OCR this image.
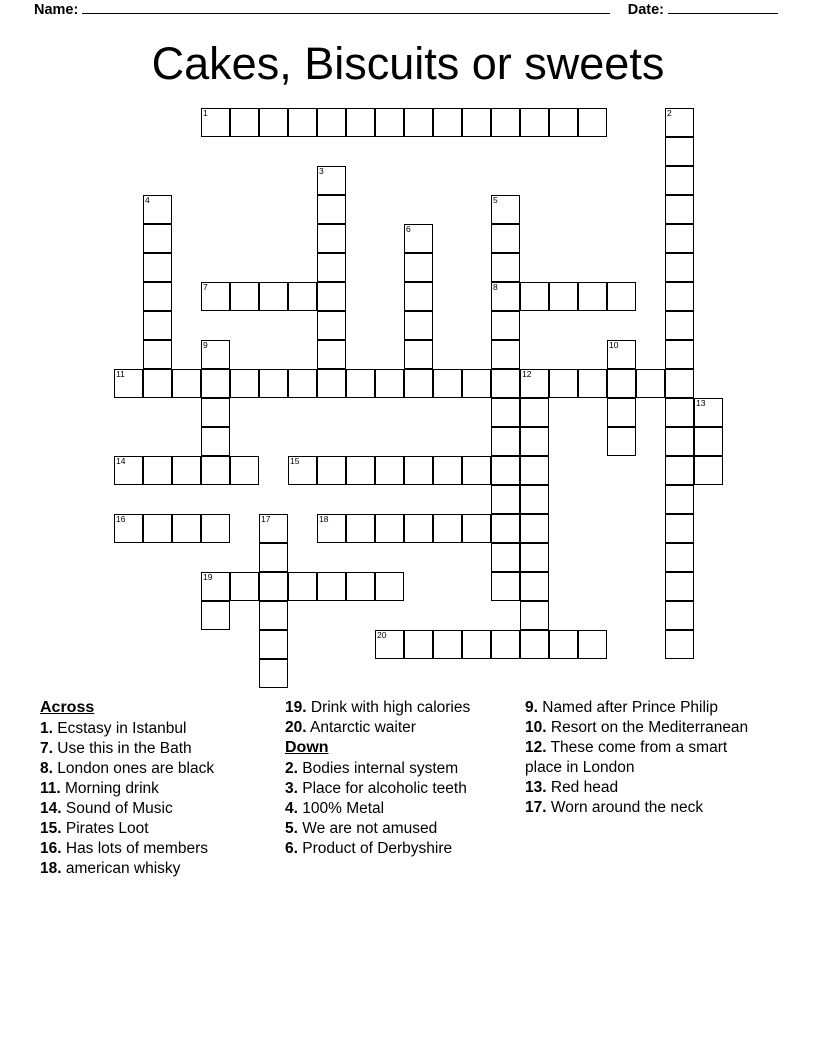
Name:	Date:
Cakes, Biscuits or sweets
1	2
3
4	5
6
7	8
9	10
11	12
13
14	15
16	17	18
19
20
Across
1. Ecstasy in Istanbul
7. Use this in the Bath
8. London ones are black
11. Morning drink
14. Sound of Music
15. Pirates Loot
16. Has lots of members
18. american whisky
19. Drink with high calories
20. Antarctic waiter
Down
2. Bodies internal system
3. Place for alcoholic teeth
4. 100% Metal
5. We are not amused
6. Product of Derbyshire
9. Named after Prince Philip
10. Resort on the Mediterranean
12. These come from a smart place in London
13. Red head
17. Worn around the neck
